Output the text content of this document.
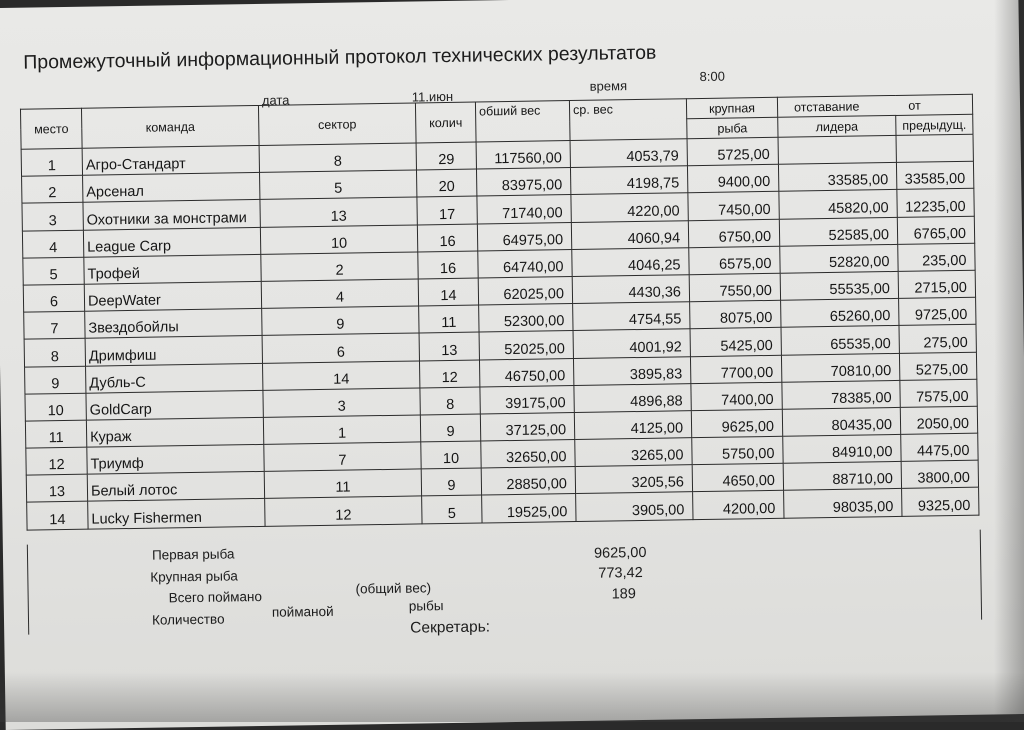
Промежуточный информационный протокол технических результатов
дата	11.июн
время
8:00
место	команда	сектор	колич	обший вес	ср. вес	крупная	отставание от	
						рыба	лидера	предыдущ.
1	Агро-Стандарт	8	29	117560,00	4053,79	5725,00		
2	Арсенал	5	20	83975,00	4198,75	9400,00	33585,00	33585,00
3	Охотники за монстрами	13	17	71740,00	4220,00	7450,00	45820,00	12235,00
4	League Carp	10	16	64975,00	4060,94	6750,00	52585,00	6765,00
5	Трофей	2	16	64740,00	4046,25	6575,00	52820,00	235,00
6	DeepWater	4	14	62025,00	4430,36	7550,00	55535,00	2715,00
7	Звездобойлы	9	11	52300,00	4754,55	8075,00	65260,00	9725,00
8	Дримфиш	6	13	52025,00	4001,92	5425,00	65535,00	275,00
9	Дубль-С	14	12	46750,00	3895,83	7700,00	70810,00	5275,00
10	GoldCarp	3	8	39175,00	4896,88	7400,00	78385,00	7575,00
11	Кураж	1	9	37125,00	4125,00	9625,00	80435,00	2050,00
12	Триумф	7	10	32650,00	3265,00	5750,00	84910,00	4475,00
13	Белый лотос	11	9	28850,00	3205,56	4650,00	88710,00	3800,00
14	Lucky Fishermen	12	5	19525,00	3905,00	4200,00	98035,00	9325,00
Первая рыба	9625,00
Крупная рыба	773,42
Всего поймано
(общий вес)	189
Количество	пойманой	рыбы
Секретарь:
